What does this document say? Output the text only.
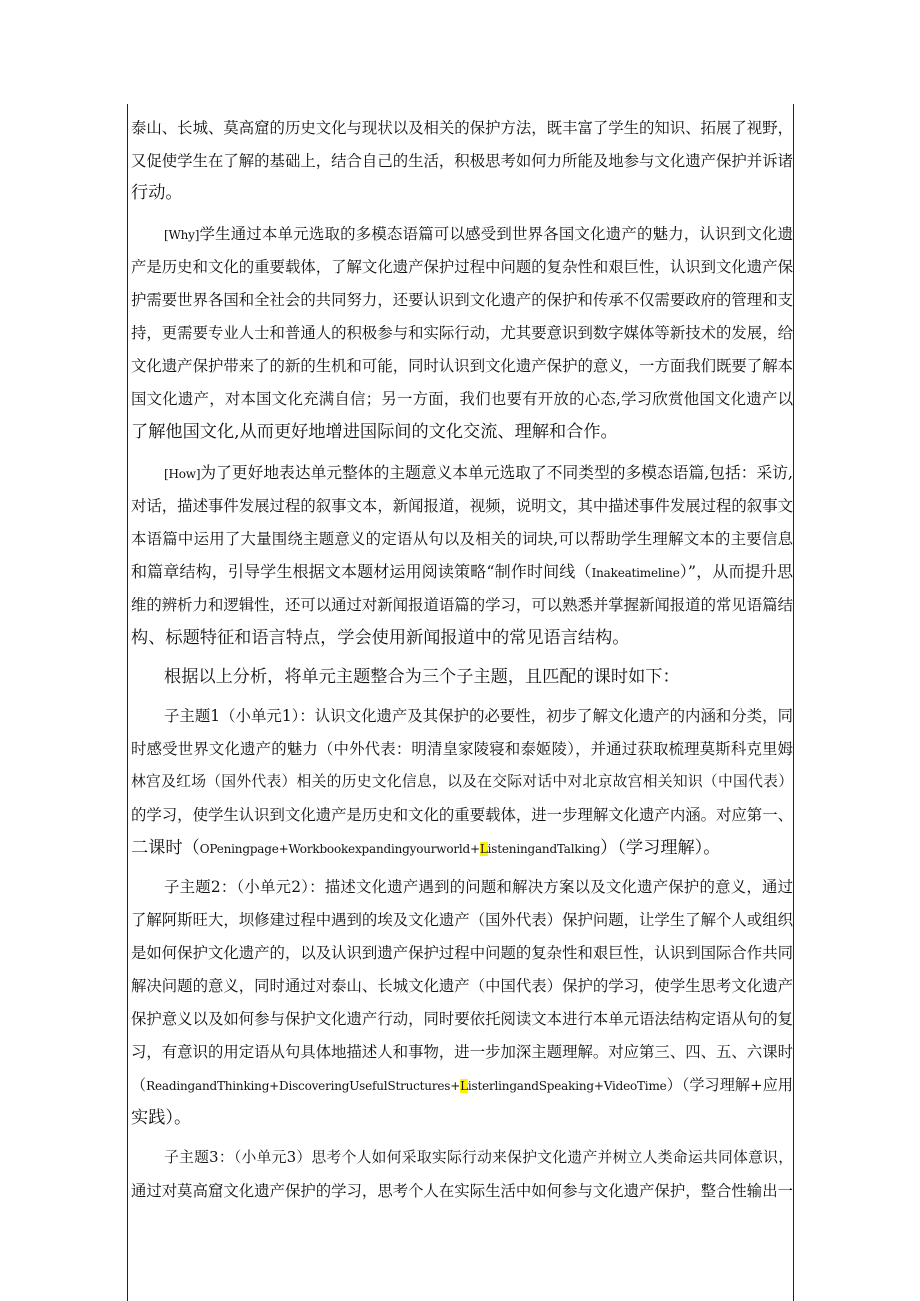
泰山、长城、莫高窟的历史文化与现状以及相关的保护方法，既丰富了学生的知识、拓展了视野，
又促使学生在了解的基础上，结合自己的生活，积极思考如何力所能及地参与文化遗产保护并诉诸
行动。
[Why]学生通过本单元选取的多模态语篇可以感受到世界各国文化遗产的魅力，认识到文化遗
产是历史和文化的重要载体，了解文化遗产保护过程中问题的复杂性和艰巨性，认识到文化遗产保
护需要世界各国和全社会的共同努力，还要认识到文化遗产的保护和传承不仅需要政府的管理和支
持，更需要专业人士和普通人的积极参与和实际行动，尤其要意识到数字媒体等新技术的发展，给
文化遗产保护带来了的新的生机和可能，同时认识到文化遗产保护的意义，一方面我们既要了解本
国文化遗产，对本国文化充满自信；另一方面，我们也要有开放的心态,学习欣赏他国文化遗产以
了解他国文化,从而更好地增进国际间的文化交流、理解和合作。
[How]为了更好地表达单元整体的主题意义本单元选取了不同类型的多模态语篇,包括：采访,
对话，描述事件发展过程的叙事文本，新闻报道，视频，说明文，其中描述事件发展过程的叙事文
本语篇中运用了大量围绕主题意义的定语从句以及相关的词块,可以帮助学生理解文本的主要信息
和篇章结构，引导学生根据文本题材运用阅读策略“制作时间线（Inakeatimeline）”，从而提升思
维的辨析力和逻辑性，还可以通过对新闻报道语篇的学习，可以熟悉并掌握新闻报道的常见语篇结
构、标题特征和语言特点，学会使用新闻报道中的常见语言结构。
根据以上分析，将单元主题整合为三个子主题，且匹配的课时如下：
子主题1（小单元1）：认识文化遗产及其保护的必要性，初步了解文化遗产的内涵和分类，同
时感受世界文化遗产的魅力（中外代表：明清皇家陵寝和泰姬陵），并通过获取梳理莫斯科克里姆
林宫及红场（国外代表）相关的历史文化信息，以及在交际对话中对北京故宫相关知识（中国代表）
的学习，使学生认识到文化遗产是历史和文化的重要载体，进一步理解文化遗产内涵。对应第一、
二课时（OPeningpage+Workbookexpandingyourworld+ListeningandTalking）（学习理解）。
子主题2：（小单元2）：描述文化遗产遇到的问题和解决方案以及文化遗产保护的意义，通过
了解阿斯旺大，坝修建过程中遇到的埃及文化遗产（国外代表）保护问题，让学生了解个人或组织
是如何保护文化遗产的，以及认识到遗产保护过程中问题的复杂性和艰巨性，认识到国际合作共同
解决问题的意义，同时通过对泰山、长城文化遗产（中国代表）保护的学习，使学生思考文化遗产
保护意义以及如何参与保护文化遗产行动，同时要依托阅读文本进行本单元语法结构定语从句的复
习，有意识的用定语从句具体地描述人和事物，进一步加深主题理解。对应第三、四、五、六课时
（ReadingandThinking+DiscoveringUsefulStructures+ListerlingandSpeaking+VideoTime）（学习理解+应用
实践）。
子主题3：（小单元3）思考个人如何采取实际行动来保护文化遗产并树立人类命运共同体意识，
通过对莫高窟文化遗产保护的学习，思考个人在实际生活中如何参与文化遗产保护，整合性输出一
